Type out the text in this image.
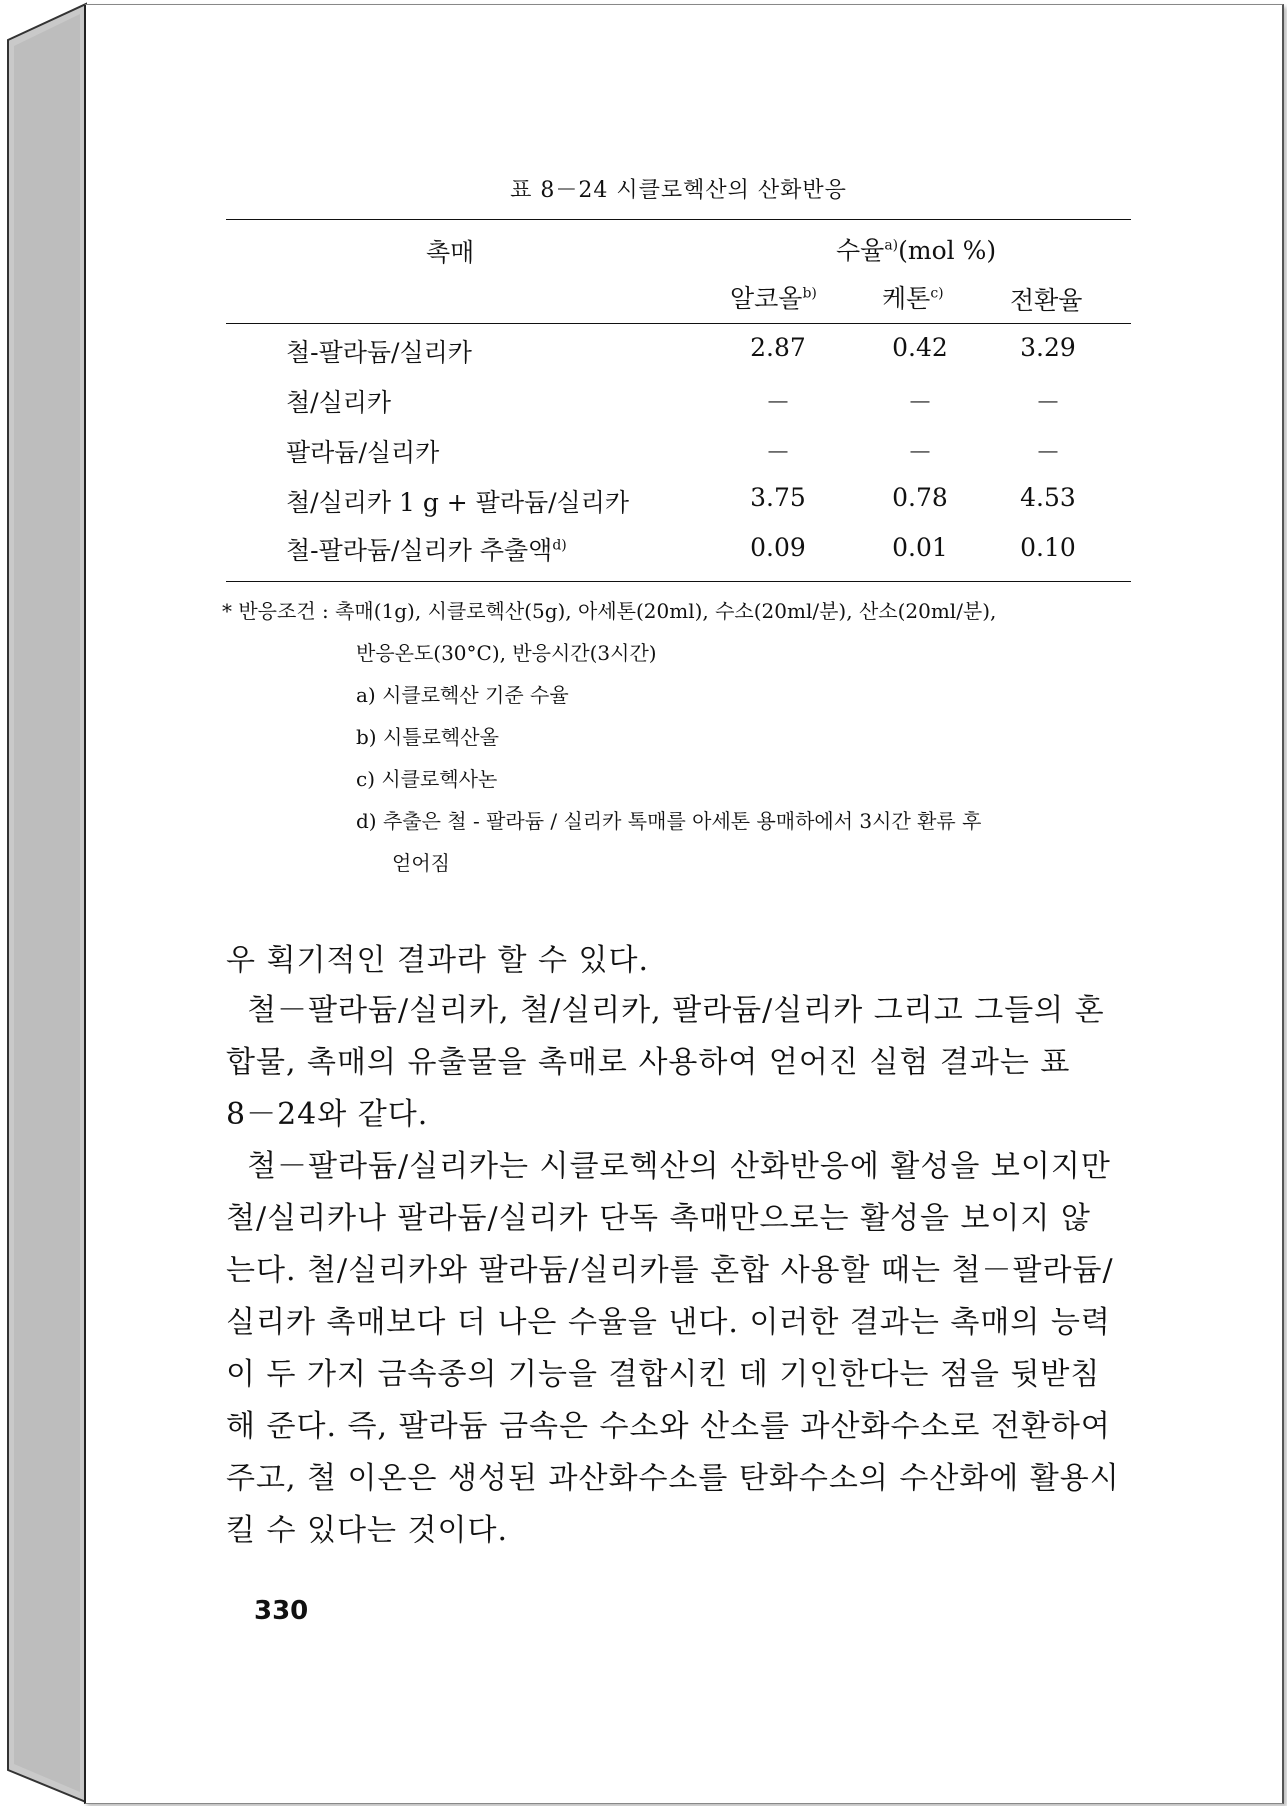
표 8－24 시클로헥산의 산화반응
촉매	수율$^{a)}$(mol %)
알코올$^{b)}$	케톤$^{c)}$	전환율
철-팔라듐/실리카	2.87	0.42	3.29
철/실리카	－	－	－
팔라듐/실리카	－	－	－
철/실리카 1 g + 팔라듐/실리카	3.75	0.78	4.53
철-팔라듐/실리카 추출액$^{d)}$	0.09	0.01	0.10
* 반응조건 : 촉매(1g), 시클로헥산(5g), 아세톤(20ml), 수소(20ml/분), 산소(20ml/분),
반응온도(30°C), 반응시간(3시간)
a) 시클로헥산 기준 수율
b) 시틀로헥산올
c) 시클로헥사논
d) 추출은 철 - 팔라듐 / 실리카 톡매를 아세톤 용매하에서 3시간 환류 후
얻어짐
우 획기적인 결과라 할 수 있다.
철－팔라듐/실리카, 철/실리카, 팔라듐/실리카 그리고 그들의 혼
합물, 촉매의 유출물을 촉매로 사용하여 얻어진 실험 결과는 표
8－24와 같다.
철－팔라듐/실리카는 시클로헥산의 산화반응에 활성을 보이지만
철/실리카나 팔라듐/실리카 단독 촉매만으로는 활성을 보이지 않
는다. 철/실리카와 팔라듐/실리카를 혼합 사용할 때는 철－팔라듐/
실리카 촉매보다 더 나은 수율을 낸다. 이러한 결과는 촉매의 능력
이 두 가지 금속종의 기능을 결합시킨 데 기인한다는 점을 뒷받침
해 준다. 즉, 팔라듐 금속은 수소와 산소를 과산화수소로 전환하여
주고, 철 이온은 생성된 과산화수소를 탄화수소의 수산화에 활용시
킬 수 있다는 것이다.
330
